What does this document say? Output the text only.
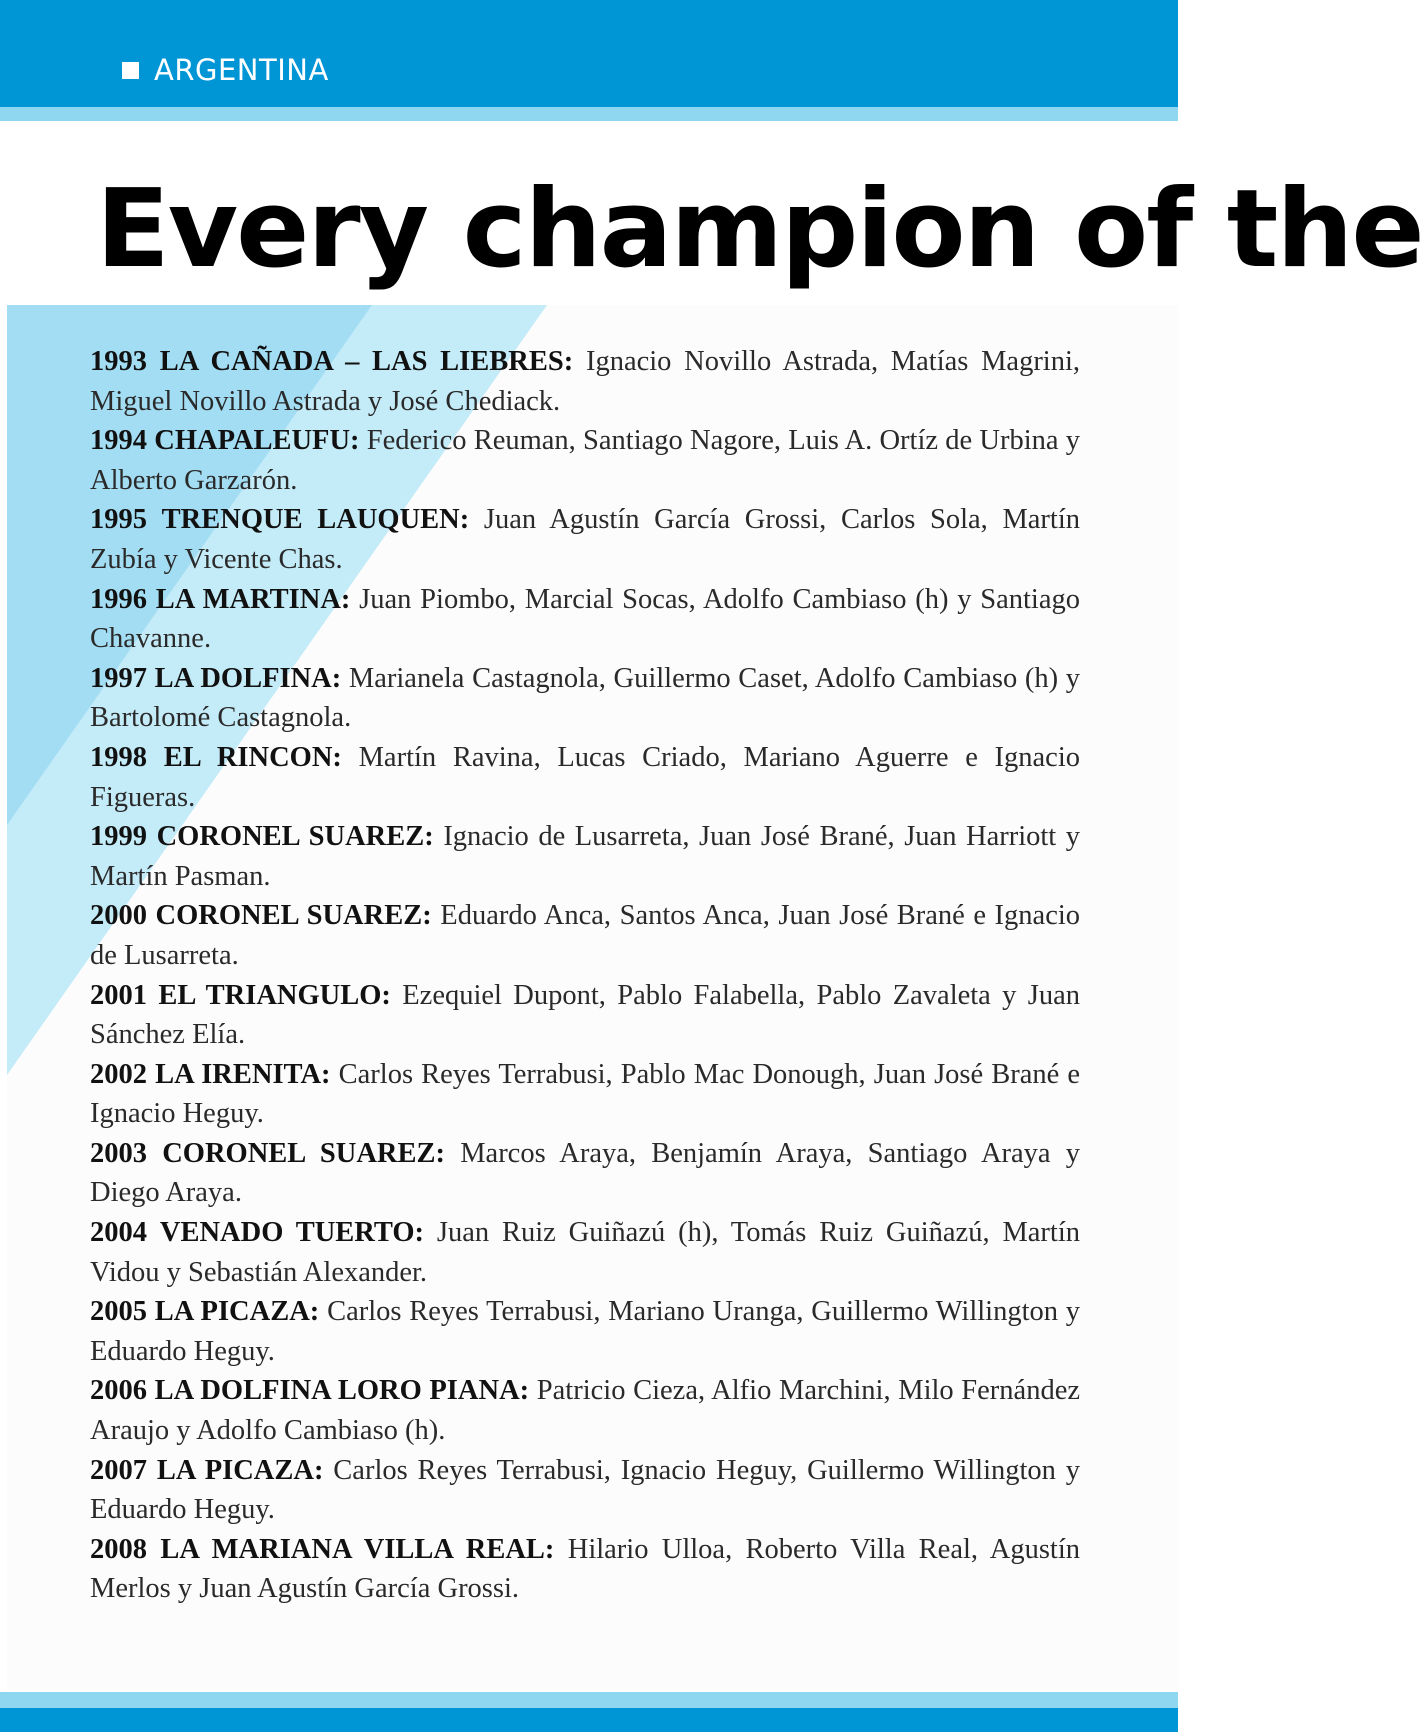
ARGENTINA
Every champion of the

1993 LA CAÑADA – LAS LIEBRES: Ignacio Novillo Astrada, Matías Magrini, Miguel Novillo Astrada y José Chediack.

1994 CHAPALEUFU: Federico Reuman, Santiago Nagore, Luis A. Ortíz de Urbina y Alberto Garzarón.

1995 TRENQUE LAUQUEN: Juan Agustín García Grossi, Carlos Sola, Martín Zubía y Vicente Chas.

1996 LA MARTINA: Juan Piombo, Marcial Socas, Adolfo Cambiaso (h) y Santiago Chavanne.

1997 LA DOLFINA: Marianela Castagnola, Guillermo Caset, Adolfo Cambiaso (h) y Bartolomé Castagnola.

1998 EL RINCON: Martín Ravina, Lucas Criado, Mariano Aguerre e Ignacio Figueras.

1999 CORONEL SUAREZ: Ignacio de Lusarreta, Juan José Brané, Juan Harriott y Martín Pasman.

2000 CORONEL SUAREZ: Eduardo Anca, Santos Anca, Juan José Brané e Ignacio de Lusarreta.

2001 EL TRIANGULO: Ezequiel Dupont, Pablo Falabella, Pablo Zavaleta y Juan Sánchez Elía.

2002 LA IRENITA: Carlos Reyes Terrabusi, Pablo Mac Donough, Juan José Brané e Ignacio Heguy.

2003 CORONEL SUAREZ: Marcos Araya, Benjamín Araya, Santiago Araya y Diego Araya.

2004 VENADO TUERTO: Juan Ruiz Guiñazú (h), Tomás Ruiz Guiñazú, Martín Vidou y Sebastián Alexander.

2005 LA PICAZA: Carlos Reyes Terrabusi, Mariano Uranga, Guillermo Willington y Eduardo Heguy.

2006 LA DOLFINA LORO PIANA: Patricio Cieza, Alfio Marchini, Milo Fernández Araujo y Adolfo Cambiaso (h).

2007 LA PICAZA: Carlos Reyes Terrabusi, Ignacio Heguy, Guillermo Willington y Eduardo Heguy.

2008 LA MARIANA VILLA REAL: Hilario Ulloa, Roberto Villa Real, Agustín Merlos y Juan Agustín García Grossi.
